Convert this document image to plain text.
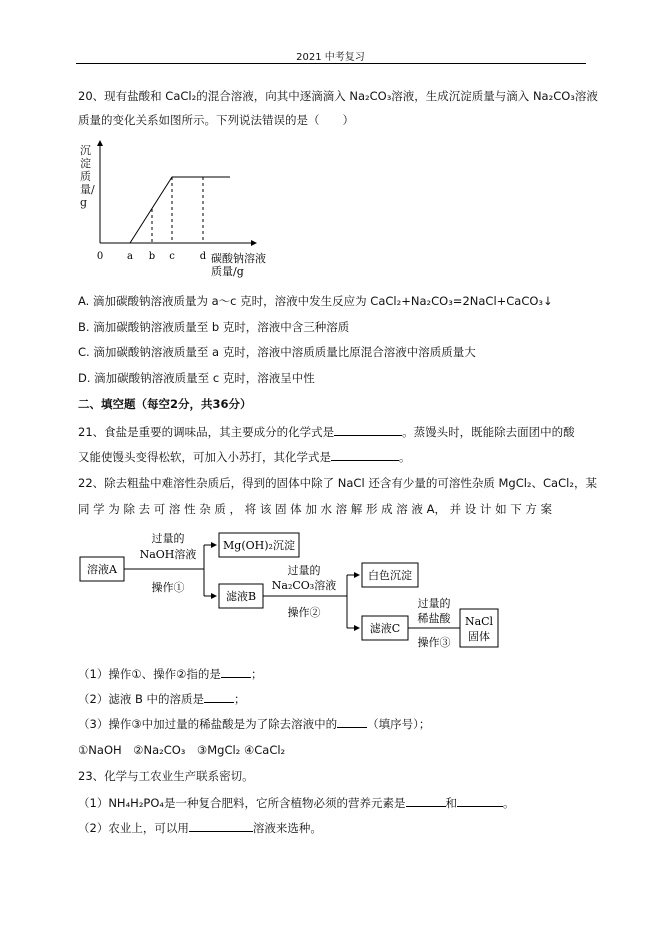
2021 中考复习
20、现有盐酸和 CaCl₂的混合溶液，向其中逐滴滴入 Na₂CO₃溶液，生成沉淀质量与滴入 Na₂CO₃溶液
质量的变化关系如图所示。下列说法错误的是（　　）
0 a b c d 碳酸钠溶液
质量/g
沉淀质量/g
A. 滴加碳酸钠溶液质量为 a～c 克时，溶液中发生反应为 CaCl₂+Na₂CO₃=2NaCl+CaCO₃↓
B. 滴加碳酸钠溶液质量至 b 克时，溶液中含三种溶质
C. 滴加碳酸钠溶液质量至 a 克时，溶液中溶质质量比原混合溶液中溶质质量大
D. 滴加碳酸钠溶液质量至 c 克时，溶液呈中性
二、填空题（每空2分，共36分）
21、食盐是重要的调味品，其主要成分的化学式是	。蒸馒头时，既能除去面团中的酸
又能使馒头变得松软，可加入小苏打，其化学式是	。
22、除去粗盐中难溶性杂质后，得到的固体中除了 NaCl 还含有少量的可溶性杂质 MgCl₂、CaCl₂，某
同 学 为 除 去 可 溶 性 杂 质 ， 将 该 固 体 加 水 溶 解 形 成 溶 液 A， 并 设 计 如 下 方 案
溶液A
过量的
NaOH溶液
操作①
Mg(OH)₂沉淀
滤液B
过量的
Na₂CO₃溶液
操作②
白色沉淀
滤液C
过量的
稀盐酸
操作③
NaCl
固体
（1）操作①、操作②指的是	；
（2）滤液 B 中的溶质是	；
（3）操作③中加过量的稀盐酸是为了除去溶液中的	（填序号）；
①NaOH　②Na₂CO₃　③MgCl₂ ④CaCl₂
23、化学与工农业生产联系密切。
（1）NH₄H₂PO₄是一种复合肥料，它所含植物必须的营养元素是	和	。
（2）农业上，可以用	溶液来选种。
